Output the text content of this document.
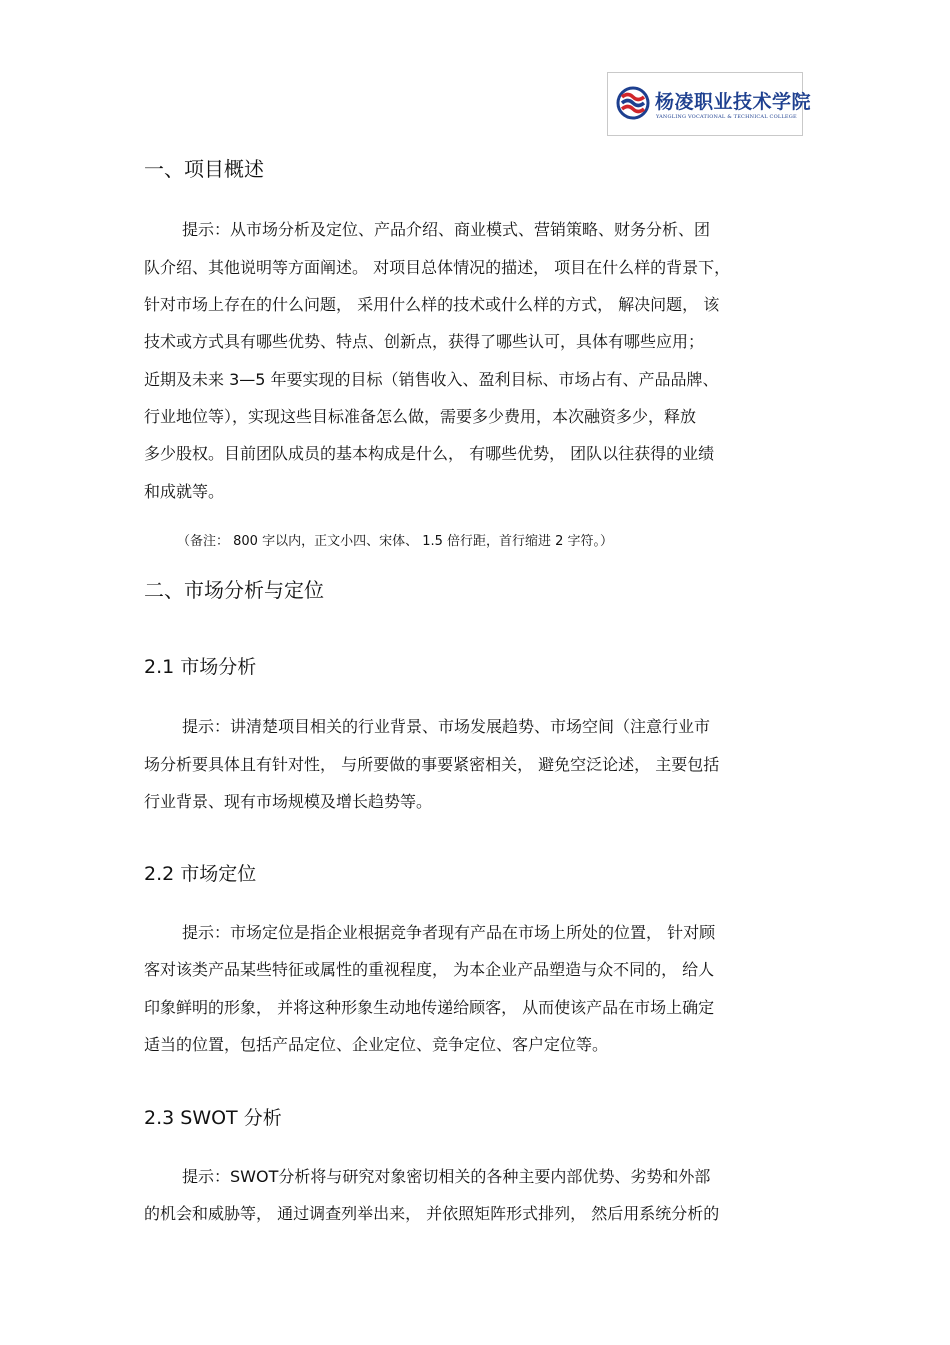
杨凌职业技术学院
YANGLING VOCATIONAL & TECHNICAL COLLEGE
一、项目概述
提示：从市场分析及定位、产品介绍、商业模式、营销策略、财务分析、团
队介绍、其他说明等方面阐述。 对项目总体情况的描述， 项目在什么样的背景下，
针对市场上存在的什么问题， 采用什么样的技术或什么样的方式， 解决问题， 该
技术或方式具有哪些优势、特点、创新点，获得了哪些认可，具体有哪些应用；
近期及未来 3—5 年要实现的目标（销售收入、盈利目标、市场占有、产品品牌、
行业地位等），实现这些目标准备怎么做，需要多少费用，本次融资多少，释放
多少股权。目前团队成员的基本构成是什么， 有哪些优势， 团队以往获得的业绩
和成就等。
（备注： 800 字以内，正文小四、宋体、 1.5 倍行距，首行缩进 2 字符。）
二、市场分析与定位
2.1 市场分析
提示：讲清楚项目相关的行业背景、市场发展趋势、市场空间（注意行业市
场分析要具体且有针对性， 与所要做的事要紧密相关， 避免空泛论述， 主要包括
行业背景、现有市场规模及增长趋势等。
2.2 市场定位
提示：市场定位是指企业根据竞争者现有产品在市场上所处的位置， 针对顾
客对该类产品某些特征或属性的重视程度， 为本企业产品塑造与众不同的， 给人
印象鲜明的形象， 并将这种形象生动地传递给顾客， 从而使该产品在市场上确定
适当的位置，包括产品定位、企业定位、竞争定位、客户定位等。
2.3 SWOT 分析
提示：SWOT分析将与研究对象密切相关的各种主要内部优势、劣势和外部
的机会和威胁等， 通过调查列举出来， 并依照矩阵形式排列， 然后用系统分析的
